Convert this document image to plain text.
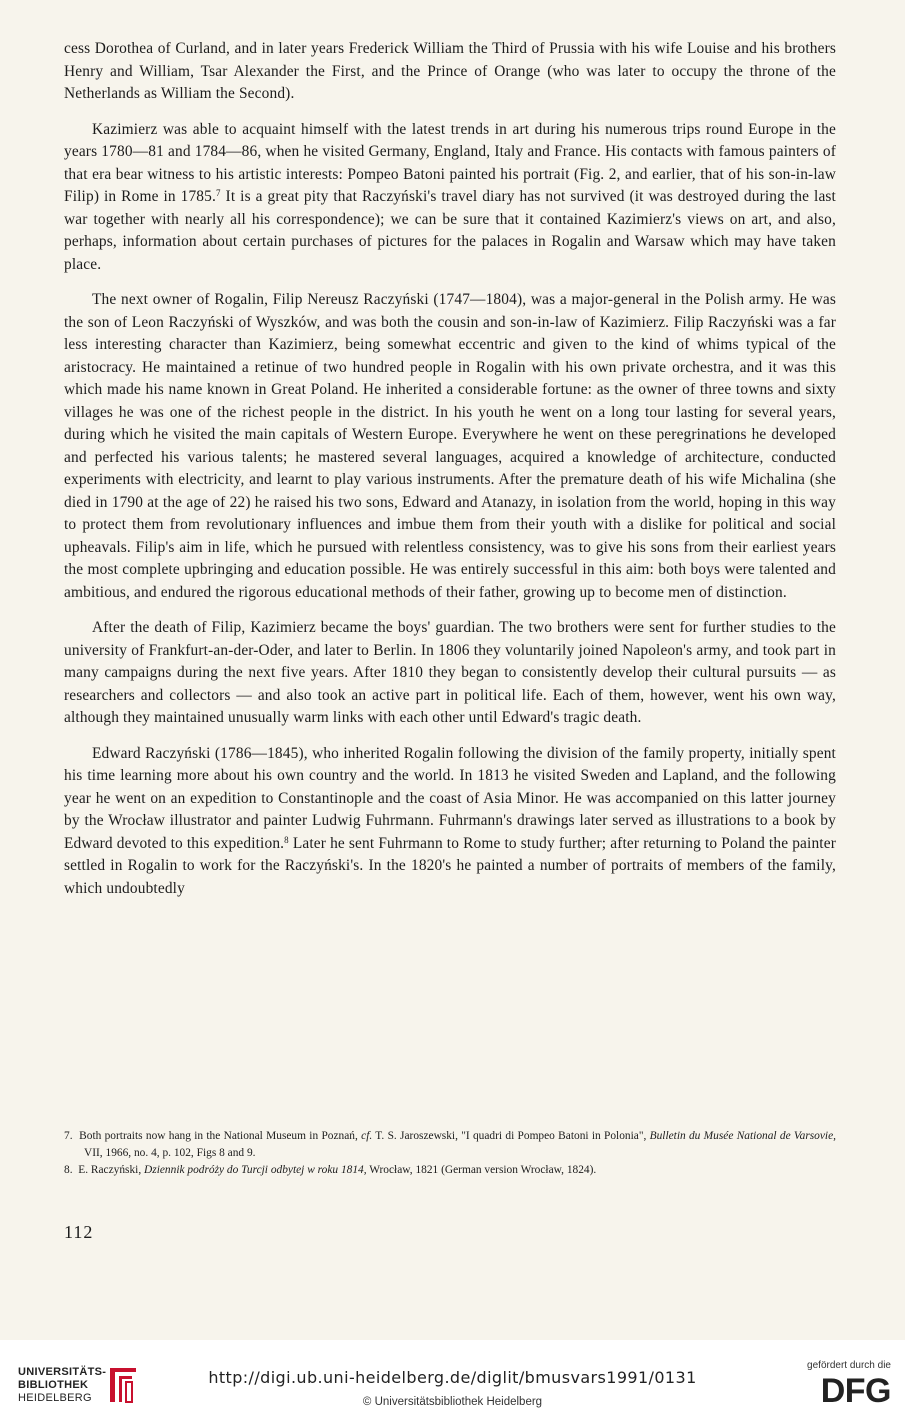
cess Dorothea of Curland, and in later years Frederick William the Third of Prussia with his wife Louise and his brothers Henry and William, Tsar Alexander the First, and the Prince of Orange (who was later to occupy the throne of the Netherlands as William the Second).

Kazimierz was able to acquaint himself with the latest trends in art during his numerous trips round Europe in the years 1780—81 and 1784—86, when he visited Germany, England, Italy and France. His contacts with famous painters of that era bear witness to his artistic interests: Pompeo Batoni painted his portrait (Fig. 2, and earlier, that of his son-in-law Filip) in Rome in 1785.$^7$ It is a great pity that Raczyński's travel diary has not survived (it was destroyed during the last war together with nearly all his correspondence); we can be sure that it contained Kazimierz's views on art, and also, perhaps, information about certain purchases of pictures for the palaces in Rogalin and Warsaw which may have taken place.

The next owner of Rogalin, Filip Nereusz Raczyński (1747—1804), was a major-general in the Polish army. He was the son of Leon Raczyński of Wyszków, and was both the cousin and son-in-law of Kazimierz. Filip Raczyński was a far less interesting character than Kazimierz, being somewhat eccentric and given to the kind of whims typical of the aristocracy. He maintained a retinue of two hundred people in Rogalin with his own private orchestra, and it was this which made his name known in Great Poland. He inherited a considerable fortune: as the owner of three towns and sixty villages he was one of the richest people in the district. In his youth he went on a long tour lasting for several years, during which he visited the main capitals of Western Europe. Everywhere he went on these peregrinations he developed and perfected his various talents; he mastered several languages, acquired a knowledge of architecture, conducted experiments with electricity, and learnt to play various instruments. After the premature death of his wife Michalina (she died in 1790 at the age of 22) he raised his two sons, Edward and Atanazy, in isolation from the world, hoping in this way to protect them from revolutionary influences and imbue them from their youth with a dislike for political and social upheavals. Filip's aim in life, which he pursued with relentless consistency, was to give his sons from their earliest years the most complete upbringing and education possible. He was entirely successful in this aim: both boys were talented and ambitious, and endured the rigorous educational methods of their father, growing up to become men of distinction.

After the death of Filip, Kazimierz became the boys' guardian. The two brothers were sent for further studies to the university of Frankfurt-an-der-Oder, and later to Berlin. In 1806 they voluntarily joined Napoleon's army, and took part in many campaigns during the next five years. After 1810 they began to consistently develop their cultural pursuits — as researchers and collectors — and also took an active part in political life. Each of them, however, went his own way, although they maintained unusually warm links with each other until Edward's tragic death.

Edward Raczyński (1786—1845), who inherited Rogalin following the division of the family property, initially spent his time learning more about his own country and the world. In 1813 he visited Sweden and Lapland, and the following year he went on an expedition to Constantinople and the coast of Asia Minor. He was accompanied on this latter journey by the Wrocław illustrator and painter Ludwig Fuhrmann. Fuhrmann's drawings later served as illustrations to a book by Edward devoted to this expedition.$^8$ Later he sent Fuhrmann to Rome to study further; after returning to Poland the painter settled in Rogalin to work for the Raczyński's. In the 1820's he painted a number of portraits of members of the family, which undoubtedly

7. Both portraits now hang in the National Museum in Poznań, cf. T. S. Jaroszewski, "I quadri di Pompeo Batoni in Polonia", Bulletin du Musée National de Varsovie, VII, 1966, no. 4, p. 102, Figs 8 and 9.

8. E. Raczyński, Dziennik podróży do Turcji odbytej w roku 1814, Wrocław, 1821 (German version Wrocław, 1824).

112
UNIVERSITÄTS-
BIBLIOTHEK
HEIDELBERG
http://digi.ub.uni-heidelberg.de/diglit/bmusvars1991/0131
© Universitätsbibliothek Heidelberg
gefördert durch die
DFG
